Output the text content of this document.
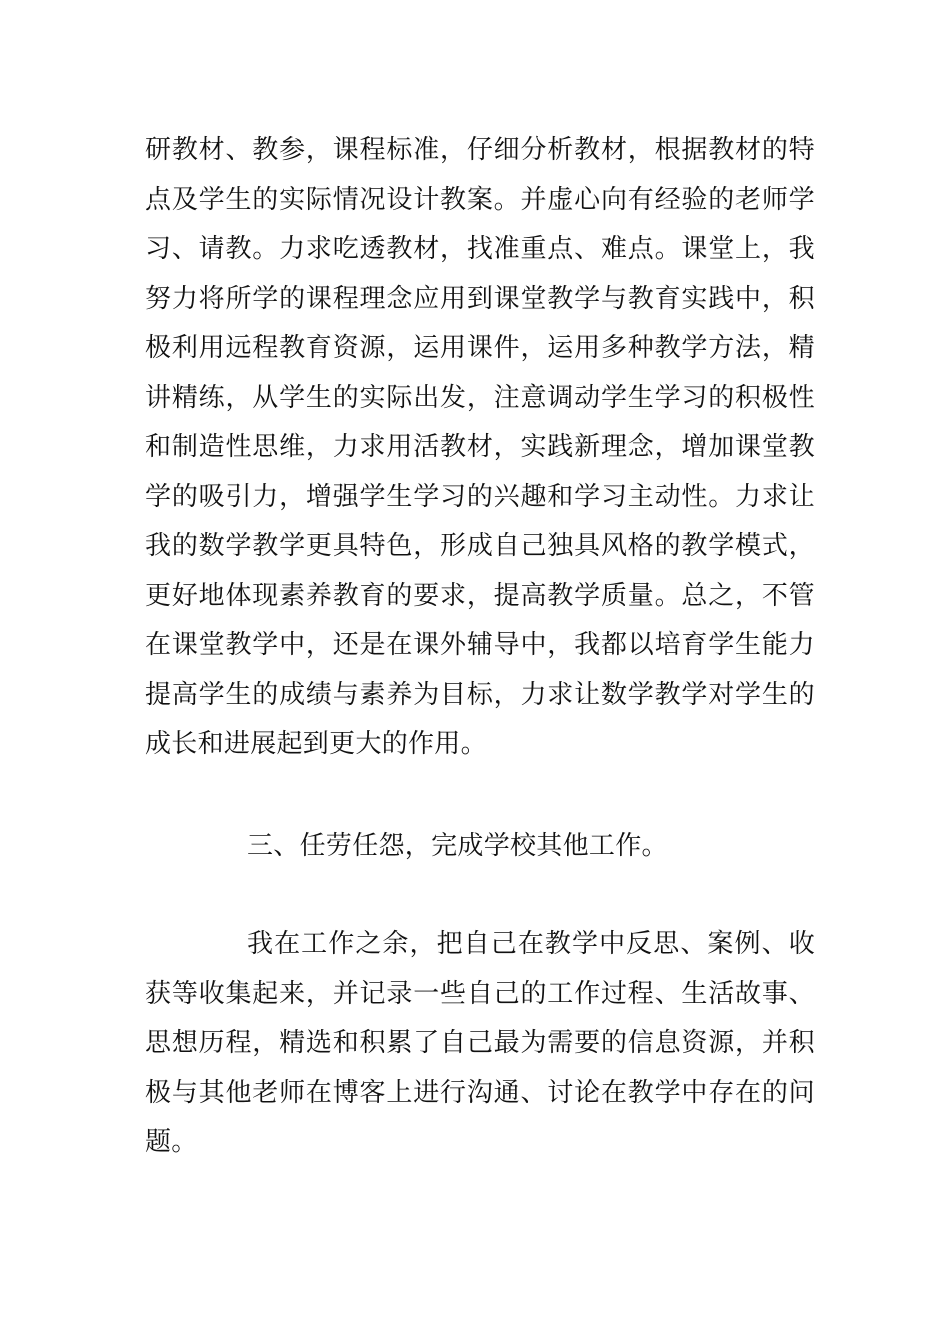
研教材、教参，课程标准，仔细分析教材，根据教材的特点及学生的实际情况设计教案。并虚心向有经验的老师学习、请教。力求吃透教材，找准重点、难点。课堂上，我努力将所学的课程理念应用到课堂教学与教育实践中，积极利用远程教育资源，运用课件，运用多种教学方法，精讲精练，从学生的实际出发，注意调动学生学习的积极性和制造性思维，力求用活教材，实践新理念，增加课堂教学的吸引力，增强学生学习的兴趣和学习主动性。力求让我的数学教学更具特色，形成自己独具风格的教学模式，更好地体现素养教育的要求，提高教学质量。总之，不管在课堂教学中，还是在课外辅导中，我都以培育学生能力提高学生的成绩与素养为目标，力求让数学教学对学生的成长和进展起到更大的作用。

三、任劳任怨，完成学校其他工作。

我在工作之余，把自己在教学中反思、案例、收获等收集起来，并记录一些自己的工作过程、生活故事、思想历程，精选和积累了自己最为需要的信息资源，并积极与其他老师在博客上进行沟通、讨论在教学中存在的问题。
